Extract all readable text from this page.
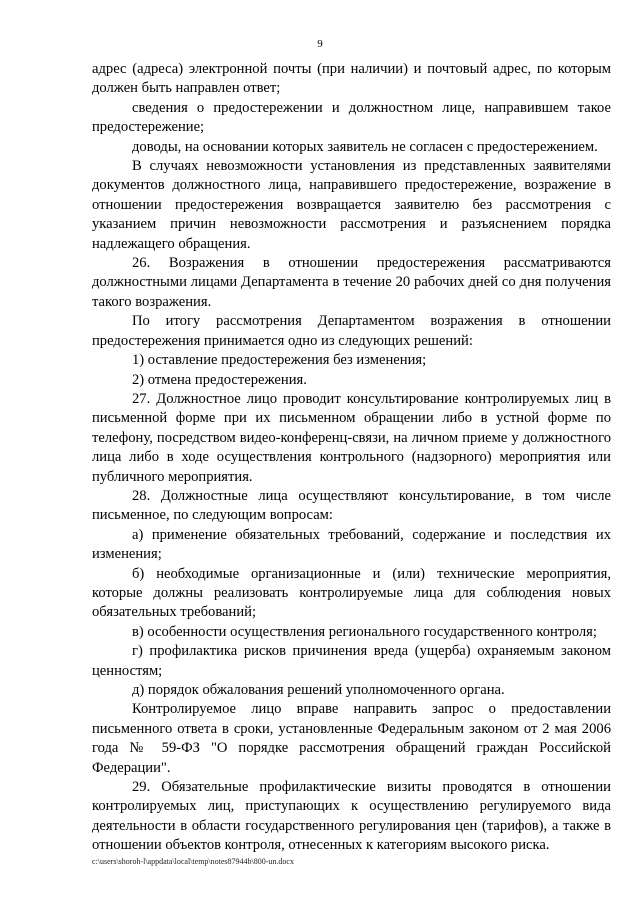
9

адрес (адреса) электронной почты (при наличии) и почтовый адрес, по которым должен быть направлен ответ;

сведения о предостережении и должностном лице, направившем такое предостережение;

доводы, на основании которых заявитель не согласен с предостережением.

В случаях невозможности установления из представленных заявителями документов должностного лица, направившего предостережение, возражение в отношении предостережения возвращается заявителю без рассмотрения с указанием причин невозможности рассмотрения и разъяснением порядка надлежащего обращения.

26. Возражения в отношении предостережения рассматриваются должностными лицами Департамента в течение 20 рабочих дней со дня получения такого возражения.

По итогу рассмотрения Департаментом возражения в отношении предостережения принимается одно из следующих решений:

1) оставление предостережения без изменения;

2) отмена предостережения.

27. Должностное лицо проводит консультирование контролируемых лиц в письменной форме при их письменном обращении либо в устной форме по телефону, посредством видео-конференц-связи, на личном приеме у должностного лица либо в ходе осуществления контрольного (надзорного) мероприятия или публичного мероприятия.

28. Должностные лица осуществляют консультирование, в том числе письменное, по следующим вопросам:

а) применение обязательных требований, содержание и последствия их изменения;

б) необходимые организационные и (или) технические мероприятия, которые должны реализовать контролируемые лица для соблюдения новых обязательных требований;

в) особенности осуществления регионального государственного контроля;

г) профилактика рисков причинения вреда (ущерба) охраняемым законом ценностям;

д) порядок обжалования решений уполномоченного органа.

Контролируемое лицо вправе направить запрос о предоставлении письменного ответа в сроки, установленные Федеральным законом от 2 мая 2006 года № 59-ФЗ "О порядке рассмотрения обращений граждан Российской Федерации".

29. Обязательные профилактические визиты проводятся в отношении контролируемых лиц, приступающих к осуществлению регулируемого вида деятельности в области государственного регулирования цен (тарифов), а также в отношении объектов контроля, отнесенных к категориям высокого риска.

c:\users\shoroh-l\appdata\local\temp\notes87944b\800-un.docx
